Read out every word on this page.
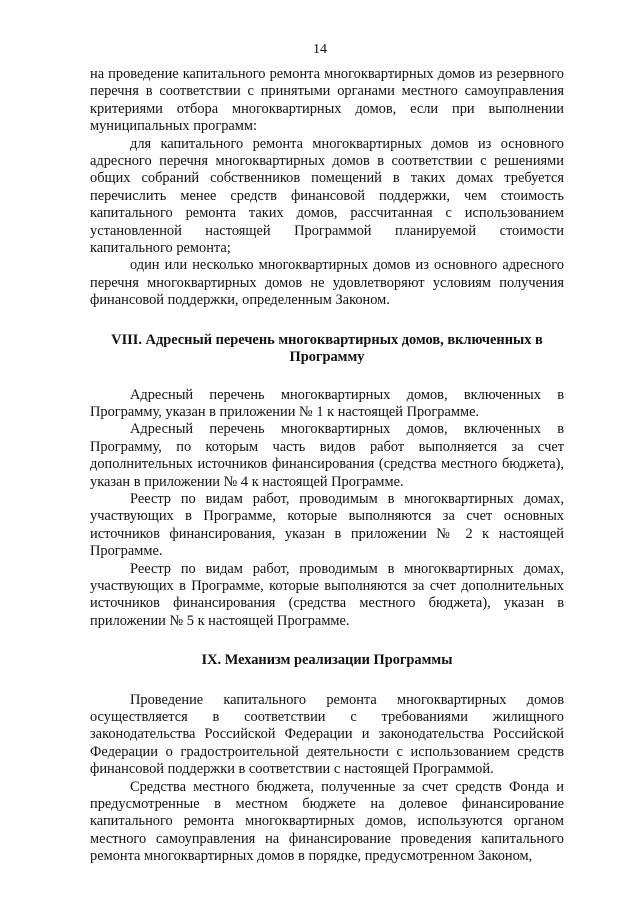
14

на проведение капитального ремонта многоквартирных домов из резервного перечня в соответствии с принятыми органами местного самоуправления критериями отбора многоквартирных домов, если при выполнении муниципальных программ:

для капитального ремонта многоквартирных домов из основного адресного перечня многоквартирных домов в соответствии с решениями общих собраний собственников помещений в таких домах требуется перечислить менее средств финансовой поддержки, чем стоимость капитального ремонта таких домов, рассчитанная с использованием установленной настоящей Программой планируемой стоимости капитального ремонта;

один или несколько многоквартирных домов из основного адресного перечня многоквартирных домов не удовлетворяют условиям получения финансовой поддержки, определенным Законом.

VIII. Адресный перечень многоквартирных домов, включенных в Программу

Адресный перечень многоквартирных домов, включенных в Программу, указан в приложении № 1 к настоящей Программе.

Адресный перечень многоквартирных домов, включенных в Программу, по которым часть видов работ выполняется за счет дополнительных источников финансирования (средства местного бюджета), указан в приложении № 4 к настоящей Программе.

Реестр по видам работ, проводимым в многоквартирных домах, участвующих в Программе, которые выполняются за счет основных источников финансирования, указан в приложении № 2 к настоящей Программе.

Реестр по видам работ, проводимым в многоквартирных домах, участвующих в Программе, которые выполняются за счет дополнительных источников финансирования (средства местного бюджета), указан в приложении № 5 к настоящей Программе.

IX. Механизм реализации Программы

Проведение капитального ремонта многоквартирных домов осуществляется в соответствии с требованиями жилищного законодательства Российской Федерации и законодательства Российской Федерации о градостроительной деятельности с использованием средств финансовой поддержки в соответствии с настоящей Программой.

Средства местного бюджета, полученные за счет средств Фонда и предусмотренные в местном бюджете на долевое финансирование капитального ремонта многоквартирных домов, используются органом местного самоуправления на финансирование проведения капитального ремонта многоквартирных домов в порядке, предусмотренном Законом,
